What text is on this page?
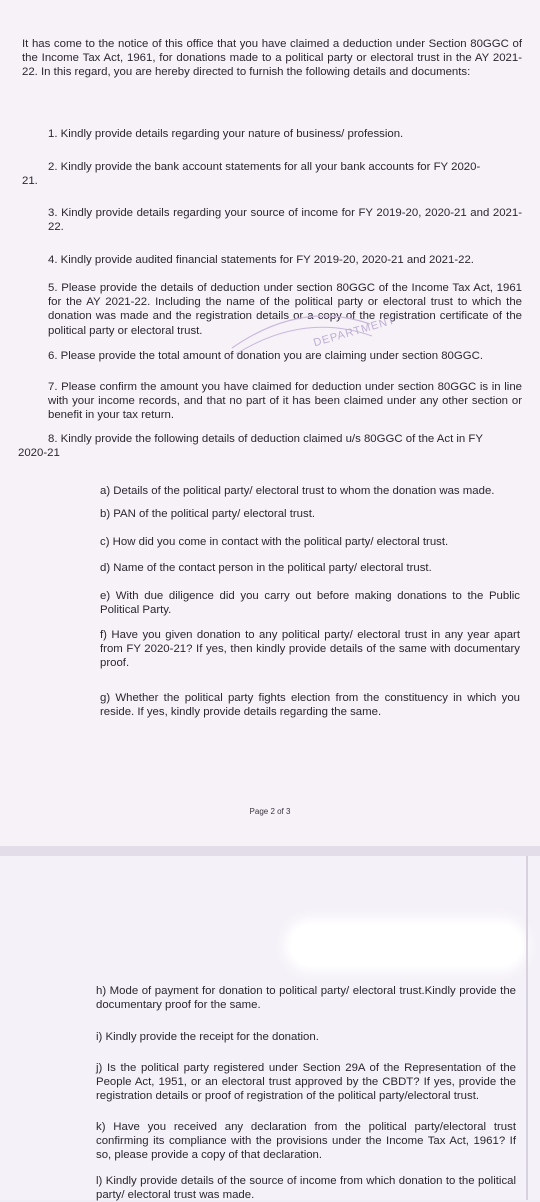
It has come to the notice of this office that you have claimed a deduction under Section 80GGC of the Income Tax Act, 1961, for donations made to a political party or electoral trust in the AY 2021-22. In this regard, you are hereby directed to furnish the following details and documents:

1. Kindly provide details regarding your nature of business/ profession.

2. Kindly provide the bank account statements for all your bank accounts for FY 2020-

21.

3. Kindly provide details regarding your source of income for FY 2019-20, 2020-21 and 2021-22.

4. Kindly provide audited financial statements for FY 2019-20, 2020-21 and 2021-22.

5. Please provide the details of deduction under section 80GGC of the Income Tax Act, 1961 for the AY 2021-22. Including the name of the political party or electoral trust to which the donation was made and the registration details or a copy of the registration certificate of the political party or electoral trust.

6. Please provide the total amount of donation you are claiming under section 80GGC.

7. Please confirm the amount you have claimed for deduction under section 80GGC is in line with your income records, and that no part of it has been claimed under any other section or benefit in your tax return.

8. Kindly provide the following details of deduction claimed u/s 80GGC of the Act in FY

2020-21

a) Details of the political party/ electoral trust to whom the donation was made.

b) PAN of the political party/ electoral trust.

c) How did you come in contact with the political party/ electoral trust.

d) Name of the contact person in the political party/ electoral trust.

e) With due diligence did you carry out before making donations to the Public Political Party.

f) Have you given donation to any political party/ electoral trust in any year apart from FY 2020-21? If yes, then kindly provide details of the same with documentary proof.

g) Whether the political party fights election from the constituency in which you reside. If yes, kindly provide details regarding the same.

Page 2 of 3

DEPARTMENT

h) Mode of payment for donation to political party/ electoral trust.Kindly provide the documentary proof for the same.

i) Kindly provide the receipt for the donation.

j) Is the political party registered under Section 29A of the Representation of the People Act, 1951, or an electoral trust approved by the CBDT? If yes, provide the registration details or proof of registration of the political party/electoral trust.

k) Have you received any declaration from the political party/electoral trust confirming its compliance with the provisions under the Income Tax Act, 1961? If so, please provide a copy of that declaration.

l) Kindly provide details of the source of income from which donation to the political party/ electoral trust was made.
